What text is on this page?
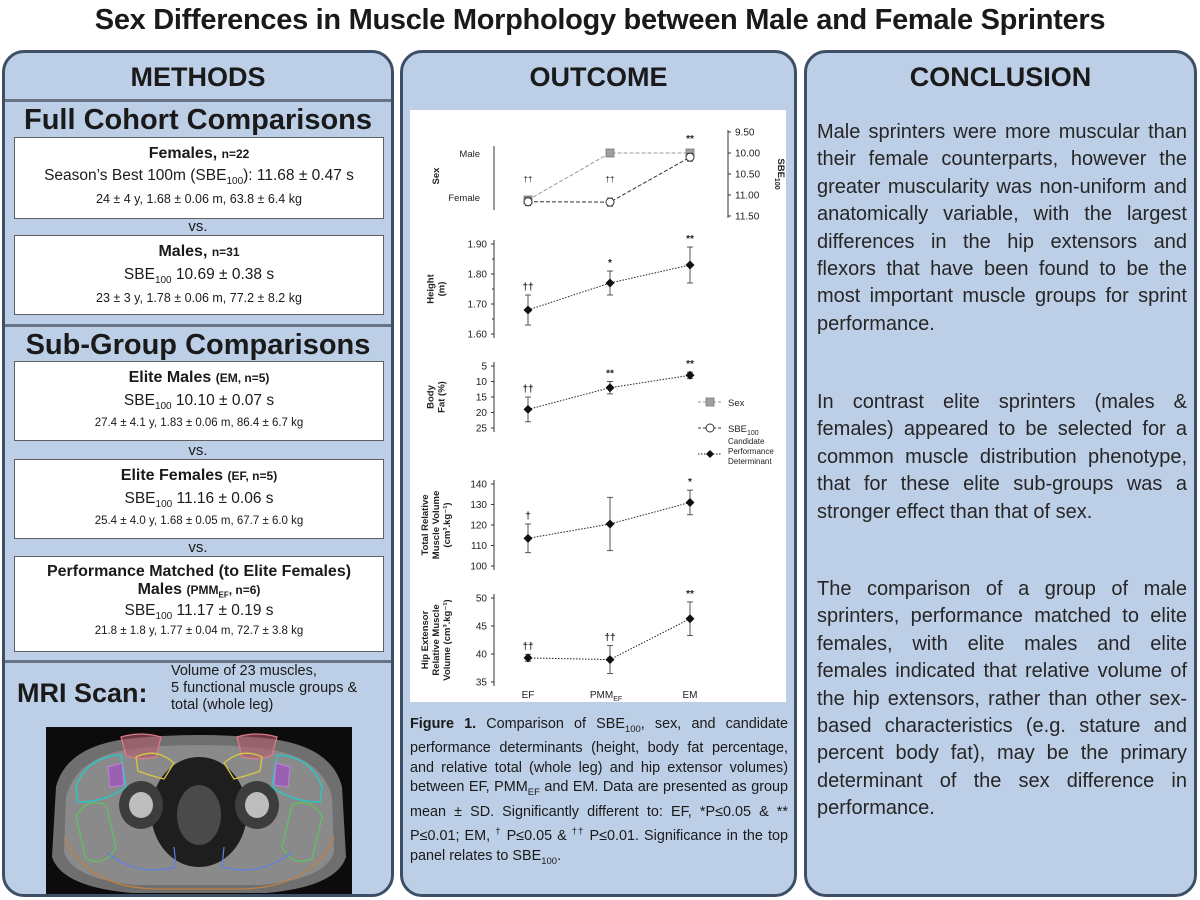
Sex Differences in Muscle Morphology between Male and Female Sprinters
METHODS
Full Cohort Comparisons
Females, n=22
Season’s Best 100m $(SBE_{100})$: 11.68 ± 0.47 s
24 ± 4 y, 1.68 ± 0.06 m, 63.8 ± 6.4 kg
vs.
Males, n=31
$SBE_{100}$ 10.69 ± 0.38 s
23 ± 3 y, 1.78 ± 0.06 m, 77.2 ± 8.2 kg
Sub-Group Comparisons
Elite Males (EM, n=5)
$SBE_{100}$ 10.10 ± 0.07 s
27.4 ± 4.1 y, 1.83 ± 0.06 m, 86.4 ± 6.7 kg
vs.
Elite Females (EF, n=5)
$SBE_{100}$ 11.16 ± 0.06 s
25.4 ± 4.0 y, 1.68 ± 0.05 m, 67.7 ± 6.0 kg
vs.
Performance Matched (to Elite Females)
Males ($PMM_{EF}$, n=6)
$SBE_{100}$ 11.17 ± 0.19 s
21.8 ± 1.8 y, 1.77 ± 0.04 m, 72.7 ± 3.8 kg
MRI Scan:
Volume of 23 muscles,
5 functional muscle groups &
total (whole leg)
OUTCOME
Male
Female
Sex
9.50
10.00
10.50
11.00
11.50
$SBE_{100}$
††	††
**
1.90
1.80
1.70
1.60
Height (m)	††
*
**
5
10
15
20
25
Body Fat (%)	††
**
**
140
130
120
110
100
Total Relative Muscle Volume (cm³.kg⁻¹)	†
*
50
45
40
35
Hip Extensor Relative Muscle Volume (cm³.kg⁻¹)	††
††
**
EF	$PMM_{EF}$	EM
Sex
$SBE_{100}$
Candidate
Performance
Determinant
Figure 1. Comparison of $SBE_{100}$, sex, and candidate performance determinants (height, body fat percentage, and relative total (whole leg) and hip extensor volumes) between EF, $PMM_{EF}$ and EM. Data are presented as group mean ± SD. Significantly different to: EF, *P≤0.05 & ** P≤0.01; EM, † P≤0.05 & †† P≤0.01. Significance in the top panel relates to $SBE_{100}$.
CONCLUSION
Male sprinters were more muscular than their female counterparts, however the greater muscularity was non-uniform and anatomically variable, with the largest differences in the hip extensors and flexors that have been found to be the most important muscle groups for sprint performance.
In contrast elite sprinters (males & females) appeared to be selected for a common muscle distribution phenotype, that for these elite sub-groups was a stronger effect than that of sex.
The comparison of a group of male sprinters, performance matched to elite females, with elite males and elite females indicated that relative volume of the hip extensors, rather than other sex-based characteristics (e.g. stature and percent body fat), may be the primary determinant of the sex difference in performance.
